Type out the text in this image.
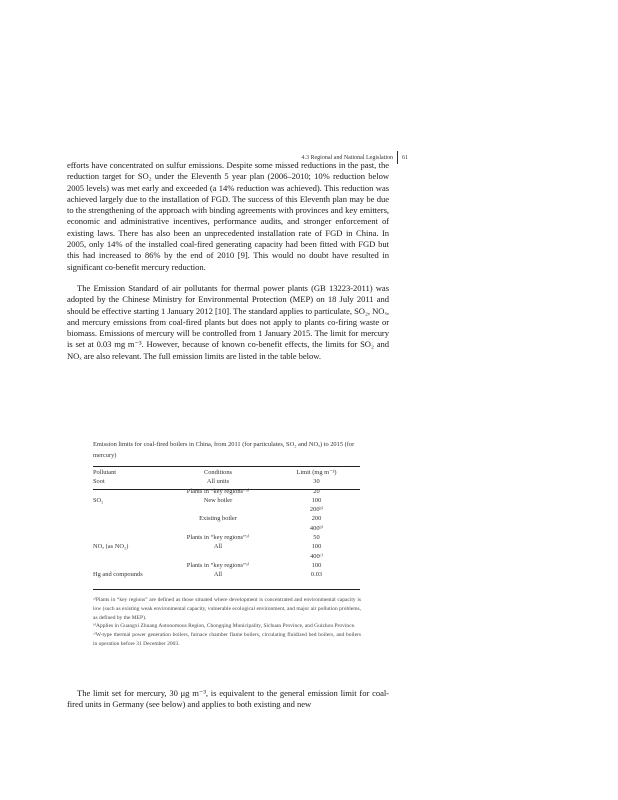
4.3 Regional and National Legislation	61
efforts have concentrated on sulfur emissions. Despite some missed reductions in the past, the reduction target for SO₂ under the Eleventh 5 year plan (2006–2010; 10% reduction below 2005 levels) was met early and exceeded (a 14% reduction was achieved). This reduction was achieved largely due to the installation of FGD. The success of this Eleventh plan may be due to the strengthening of the approach with binding agreements with provinces and key emitters, economic and administrative incentives, performance audits, and stronger enforcement of existing laws. There has also been an unprecedented installation rate of FGD in China. In 2005, only 14% of the installed coal-fired generating capacity had been fitted with FGD but this had increased to 86% by the end of 2010 [9]. This would no doubt have resulted in significant co-benefit mercury reduction.
The Emission Standard of air pollutants for thermal power plants (GB 13223-2011) was adopted by the Chinese Ministry for Environmental Protection (MEP) on 18 July 2011 and should be effective starting 1 January 2012 [10]. The standard applies to particulate, SO₂, NOₓ, and mercury emissions from coal-fired plants but does not apply to plants co-firing waste or biomass. Emissions of mercury will be controlled from 1 January 2015. The limit for mercury is set at 0.03 mg m⁻³. However, because of known co-benefit effects, the limits for SO₂ and NOₓ are also relevant. The full emission limits are listed in the table below.
Emission limits for coal-fired boilers in China, from 2011 (for particulates, SO₂ and NOₓ) to 2015 (for mercury)
Pollutant	Conditions	Limit (mg m⁻³)
Soot	All units	30
	Plants in “key regions”ᵃ⁾	20
SO₂	New boiler	100
		200ᵇ⁾
	Existing boiler	200
		400ᵇ⁾
	Plants in “key regions”ᵃ⁾	50
NOₓ (as NO₂)	All	100
		400ᶜ⁾
	Plants in “key regions”ᵃ⁾	100
Hg and compounds	All	0.03

ᵃ⁾Plants in “key regions” are defined as those situated where development is concentrated and environmental capacity is low (such as existing weak environmental capacity, vulnerable ecological environment, and major air pollution problems, as defined by the MEP).

ᵇ⁾Applies in Guangxi Zhuang Autonomous Region, Chongqing Municipality, Sichuan Province, and Guizhou Province.

ᶜ⁾W-type thermal power generation boilers, furnace chamber flame boilers, circulating fluidized bed boilers, and boilers in operation before 31 December 2003.

The limit set for mercury, 30 μg m⁻³, is equivalent to the general emission limit for coal-fired units in Germany (see below) and applies to both existing and new
